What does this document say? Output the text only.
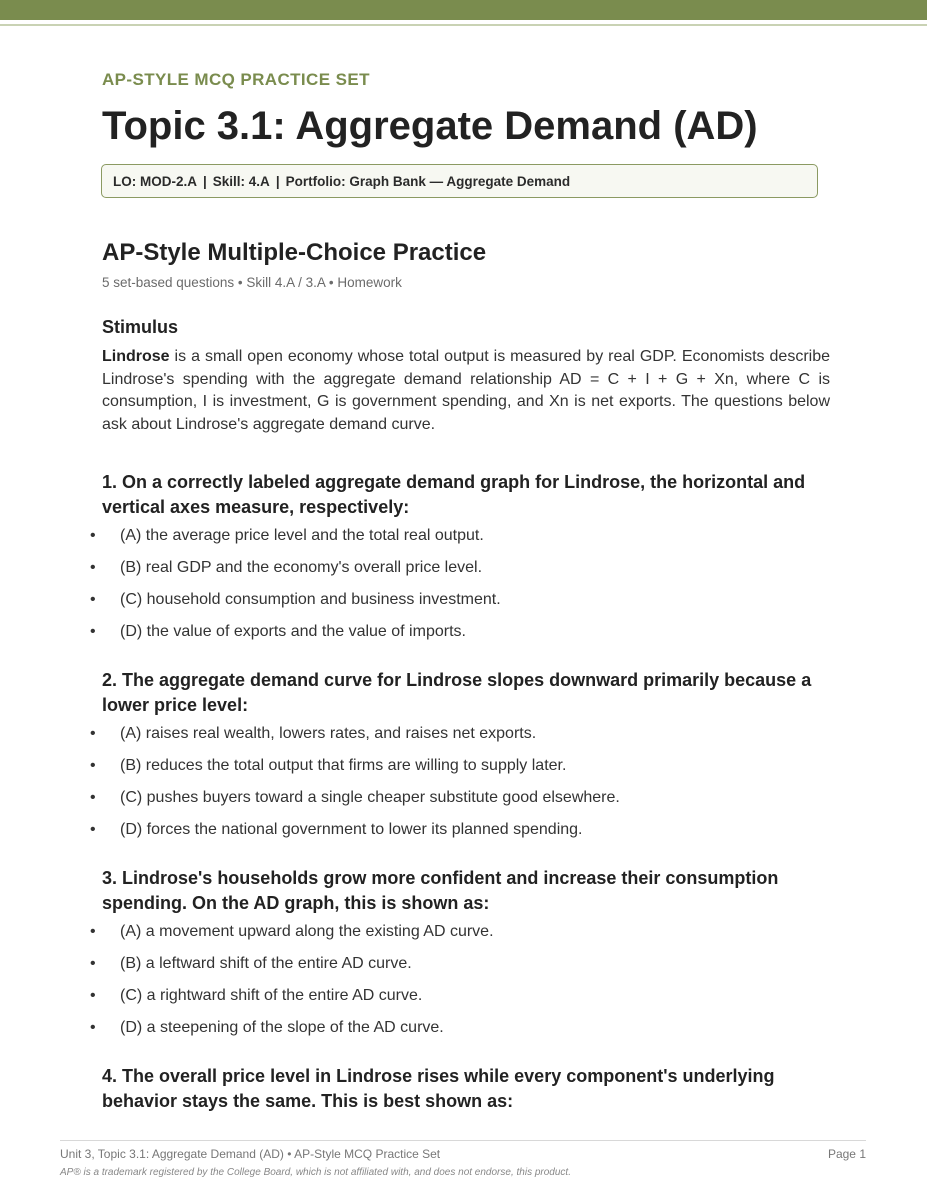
AP-STYLE MCQ PRACTICE SET
Topic 3.1: Aggregate Demand (AD)
LO: MOD-2.A | Skill: 4.A | Portfolio: Graph Bank — Aggregate Demand
AP-Style Multiple-Choice Practice
5 set-based questions • Skill 4.A / 3.A • Homework
Stimulus
Lindrose is a small open economy whose total output is measured by real GDP. Economists describe Lindrose's spending with the aggregate demand relationship AD = C + I + G + Xn, where C is consumption, I is investment, G is government spending, and Xn is net exports. The questions below ask about Lindrose's aggregate demand curve.
1. On a correctly labeled aggregate demand graph for Lindrose, the horizontal and vertical axes measure, respectively:
• (A) the average price level and the total real output.
• (B) real GDP and the economy's overall price level.
• (C) household consumption and business investment.
• (D) the value of exports and the value of imports.
2. The aggregate demand curve for Lindrose slopes downward primarily because a lower price level:
• (A) raises real wealth, lowers rates, and raises net exports.
• (B) reduces the total output that firms are willing to supply later.
• (C) pushes buyers toward a single cheaper substitute good elsewhere.
• (D) forces the national government to lower its planned spending.
3. Lindrose's households grow more confident and increase their consumption spending. On the AD graph, this is shown as:
• (A) a movement upward along the existing AD curve.
• (B) a leftward shift of the entire AD curve.
• (C) a rightward shift of the entire AD curve.
• (D) a steepening of the slope of the AD curve.
4. The overall price level in Lindrose rises while every component's underlying behavior stays the same. This is best shown as:
Unit 3, Topic 3.1: Aggregate Demand (AD) • AP-Style MCQ Practice Set	Page 1
AP® is a trademark registered by the College Board, which is not affiliated with, and does not endorse, this product.
